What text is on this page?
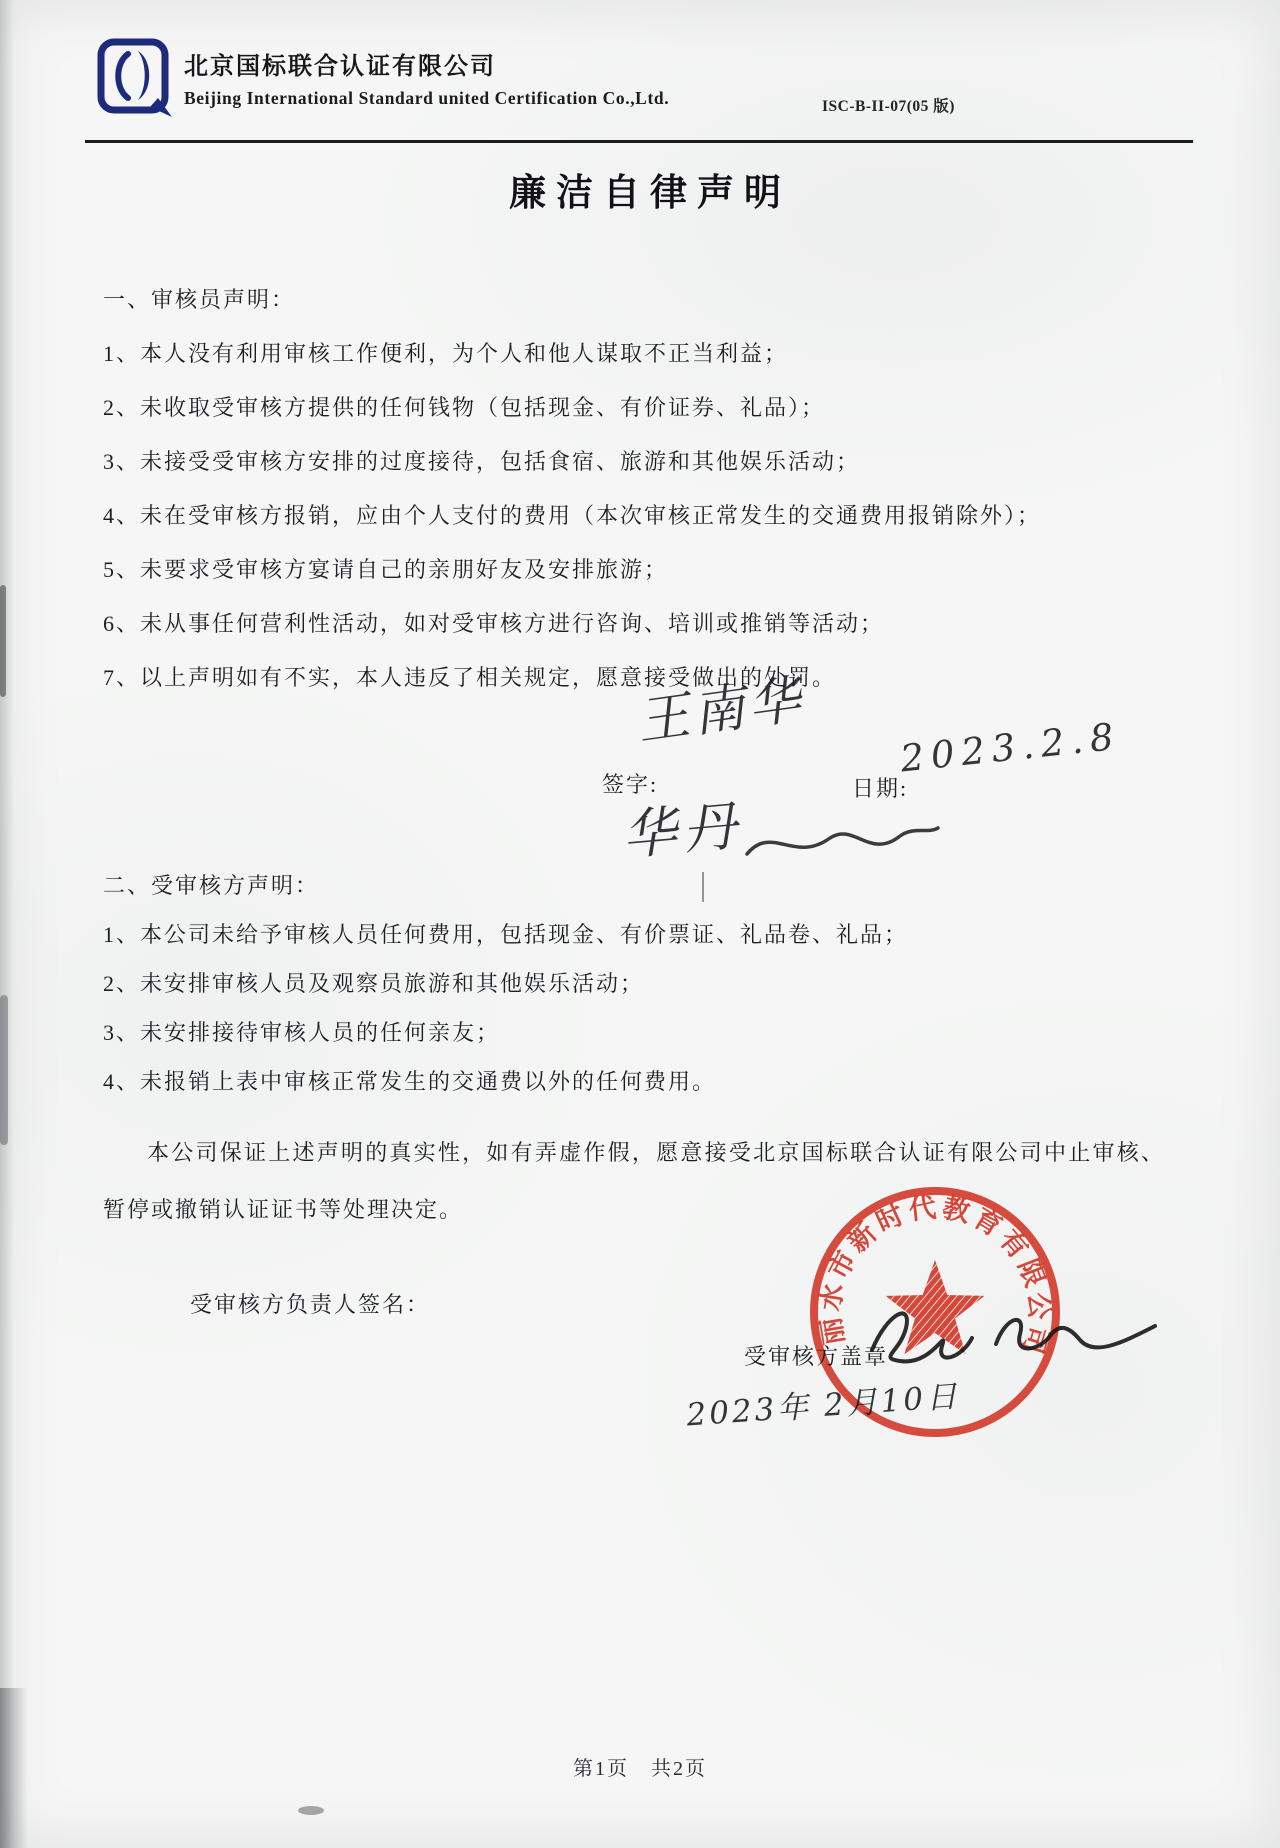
北京国标联合认证有限公司
Beijing International Standard united Certification Co.,Ltd.	ISC-B-II-07(05 版)
廉洁自律声明

一、审核员声明：

1、本人没有利用审核工作便利，为个人和他人谋取不正当利益；

2、未收取受审核方提供的任何钱物（包括现金、有价证券、礼品）；

3、未接受受审核方安排的过度接待，包括食宿、旅游和其他娱乐活动；

4、未在受审核方报销，应由个人支付的费用（本次审核正常发生的交通费用报销除外）；

5、未要求受审核方宴请自己的亲朋好友及安排旅游；

6、未从事任何营利性活动，如对受审核方进行咨询、培训或推销等活动；

7、以上声明如有不实，本人违反了相关规定，愿意接受做出的处罚。

签字:	日期:
王南华 2023.2.8
华丹

二、受审核方声明：

1、本公司未给予审核人员任何费用，包括现金、有价票证、礼品卷、礼品；

2、未安排审核人员及观察员旅游和其他娱乐活动；

3、未安排接待审核人员的任何亲友；

4、未报销上表中审核正常发生的交通费以外的任何费用。

本公司保证上述声明的真实性，如有弄虚作假，愿意接受北京国标联合认证有限公司中止审核、暂停或撤销认证证书等处理决定。
受审核方负责人签名：
丽水市新时代教育有限公司
受审核方盖章
2023年 2月10日
第1页　共2页
